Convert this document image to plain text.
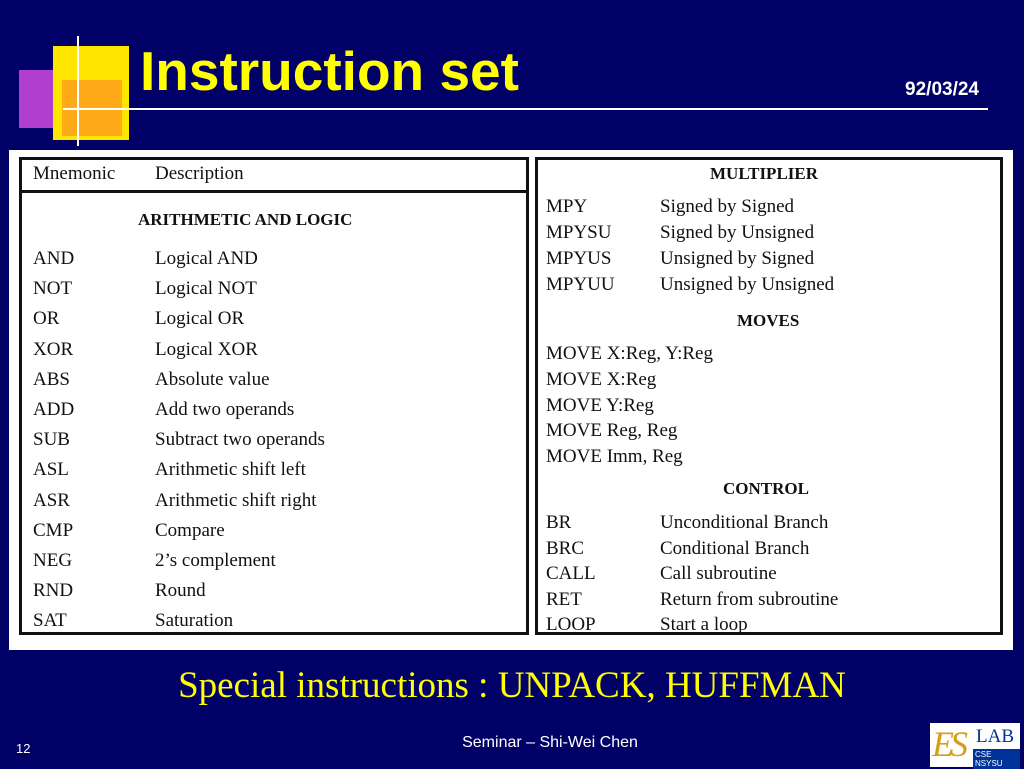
Instruction set	92/03/24
Mnemonic Description
ARITHMETIC AND LOGIC
AND	Logical AND
NOT	Logical NOT
OR	Logical OR
XOR	Logical XOR
ABS	Absolute value
ADD	Add two operands
SUB	Subtract two operands
ASL	Arithmetic shift left
ASR	Arithmetic shift right
CMP	Compare
NEG	2’s complement
RND	Round
SAT	Saturation
MULTIPLIER
MPY	Signed by Signed
MPYSU	Signed by Unsigned
MPYUS	Unsigned by Signed
MPYUU Unsigned by Unsigned
MOVES
MOVE X:Reg, Y:Reg
MOVE X:Reg
MOVE Y:Reg
MOVE Reg, Reg
MOVE Imm, Reg
CONTROL
BR	Unconditional Branch
BRC	Conditional Branch
CALL	Call subroutine
RET	Return from subroutine
LOOP	Start a loop
Special instructions : UNPACK, HUFFMAN
Seminar – Shi-Wei Chen
12	E
S LAB
CSE NSYSU
